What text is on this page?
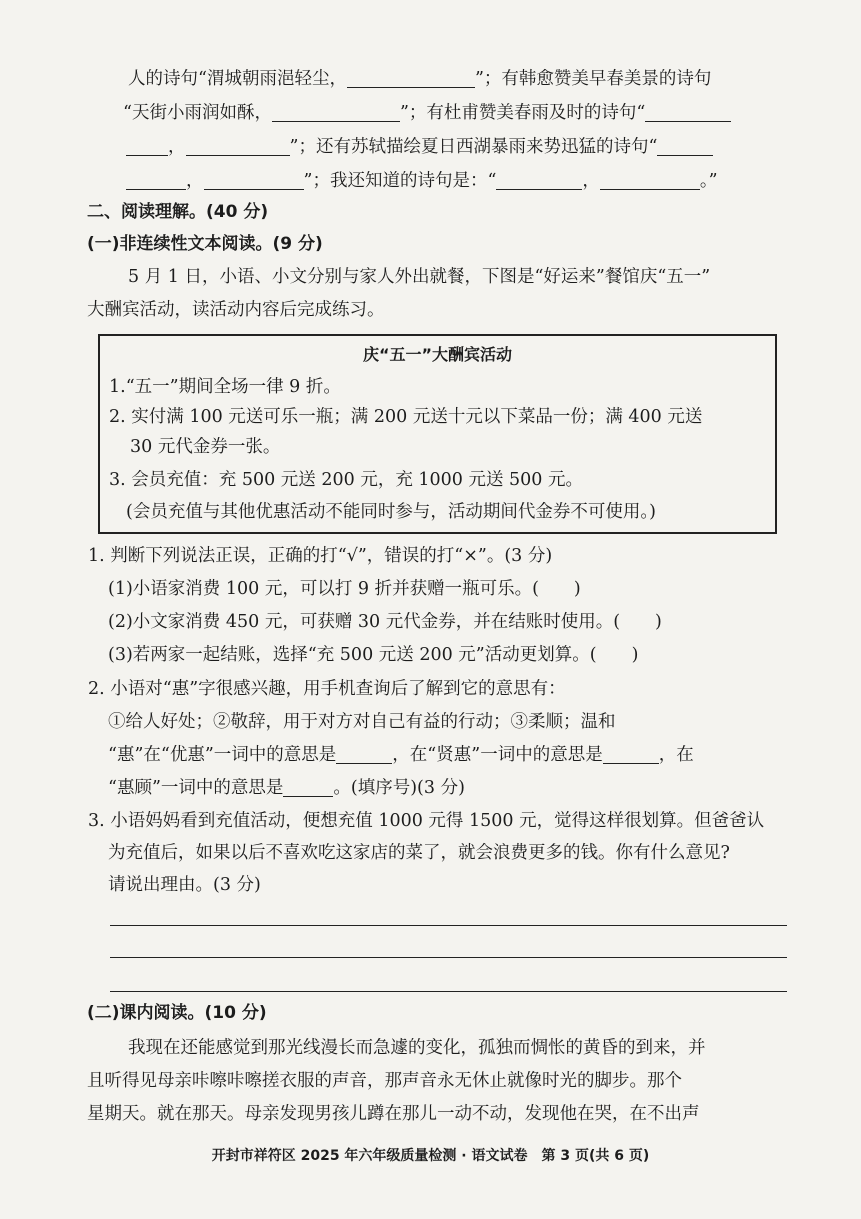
人的诗句“渭城朝雨浥轻尘，	”；有韩愈赞美早春美景的诗句
“天街小雨润如酥，	”；有杜甫赞美春雨及时的诗句“
，	”；还有苏轼描绘夏日西湖暴雨来势迅猛的诗句“
，	”；我还知道的诗句是：“	，	。”
二、阅读理解。(40 分)
(一)非连续性文本阅读。(9 分)
5 月 1 日，小语、小文分别与家人外出就餐，下图是“好运来”餐馆庆“五一”
大酬宾活动，读活动内容后完成练习。
庆“五一”大酬宾活动
1.“五一”期间全场一律 9 折。
2. 实付满 100 元送可乐一瓶；满 200 元送十元以下菜品一份；满 400 元送
30 元代金券一张。
3. 会员充值：充 500 元送 200 元，充 1000 元送 500 元。
(会员充值与其他优惠活动不能同时参与，活动期间代金券不可使用。)
1. 判断下列说法正误，正确的打“√”，错误的打“×”。(3 分)
(1)小语家消费 100 元，可以打 9 折并获赠一瓶可乐。(　　)
(2)小文家消费 450 元，可获赠 30 元代金券，并在结账时使用。(　　)
(3)若两家一起结账，选择“充 500 元送 200 元”活动更划算。(　　)
2. 小语对“惠”字很感兴趣，用手机查询后了解到它的意思有：
①给人好处；②敬辞，用于对方对自己有益的行动；③柔顺；温和
“惠”在“优惠”一词中的意思是	，在“贤惠”一词中的意思是	，在
“惠顾”一词中的意思是	。(填序号)(3 分)
3. 小语妈妈看到充值活动，便想充值 1000 元得 1500 元，觉得这样很划算。但爸爸认
为充值后，如果以后不喜欢吃这家店的菜了，就会浪费更多的钱。你有什么意见?
请说出理由。(3 分)
(二)课内阅读。(10 分)
我现在还能感觉到那光线漫长而急遽的变化，孤独而惆怅的黄昏的到来，并
且听得见母亲咔嚓咔嚓搓衣服的声音，那声音永无休止就像时光的脚步。那个
星期天。就在那天。母亲发现男孩儿蹲在那儿一动不动，发现他在哭，在不出声
开封市祥符区 2025 年六年级质量检测 · 语文试卷　第 3 页(共 6 页)
